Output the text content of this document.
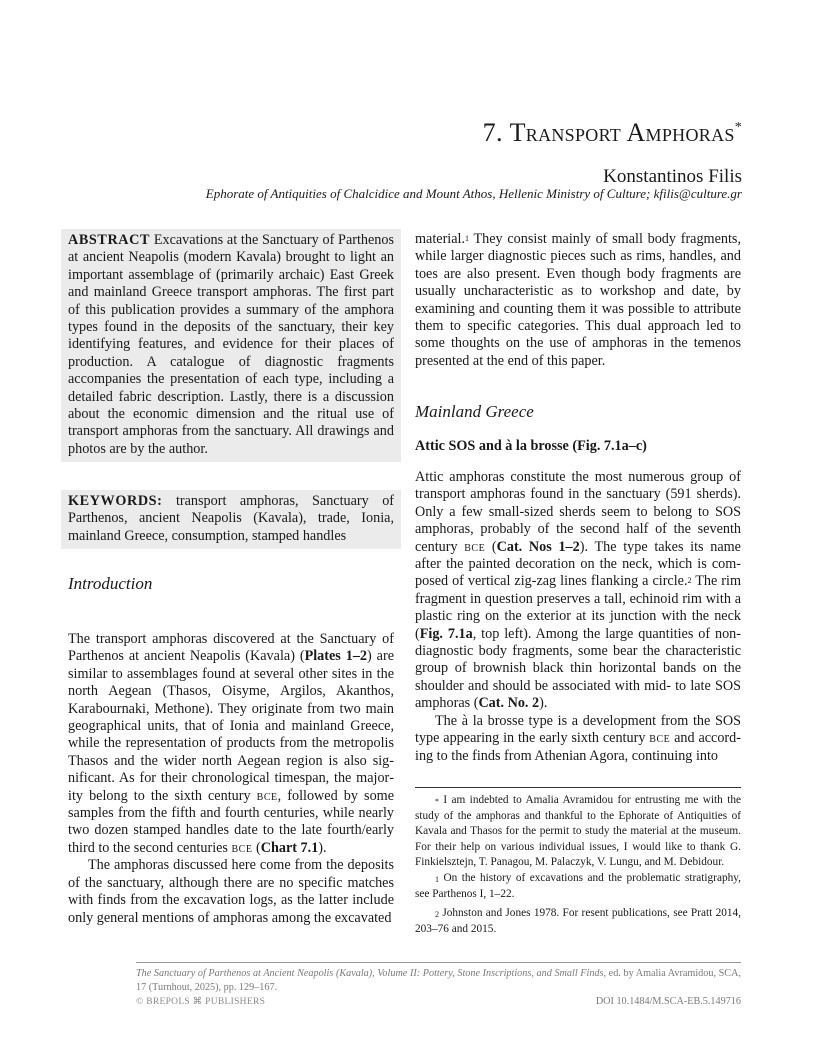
7. Transport Amphoras*
Konstantinos Filis
Ephorate of Antiquities of Chalcidice and Mount Athos, Hellenic Ministry of Culture; kfilis@culture.gr
ABSTRACT Excavations at the Sanctuary of Parthenos at ancient Neapolis (modern Kavala) brought to light an important assemblage of (primarily archaic) East Greek and mainland Greece transport amphoras. The first part of this publication provides a summary of the amphora types found in the deposits of the sanctuary, their key identifying features, and evidence for their places of production. A catalogue of diagnostic fragments accompanies the presentation of each type, including a detailed fabric description. Lastly, there is a discussion about the economic dimension and the ritual use of transport amphoras from the sanctuary. All drawings and photos are by the author.
KEYWORDS: transport amphoras, Sanctuary of Parthenos, ancient Neapolis (Kavala), trade, Ionia, mainland Greece, consumption, stamped handles
Introduction

The transport amphoras discovered at the Sanctuary of Parthenos at ancient Neapolis (Kavala) (Plates 1–2) are similar to assemblages found at several other sites in the north Aegean (Thasos, Oisyme, Argilos, Akanthos, Karabournaki, Methone). They originate from two main geographical units, that of Ionia and mainland Greece, while the representation of products from the metropolis Thasos and the wider north Aegean region is also significant. As for their chronological timespan, the majority belong to the sixth century bce, followed by some samples from the fifth and fourth centuries, while nearly two dozen stamped handles date to the late fourth/early third to the second centuries bce (Chart 7.1).

The amphoras discussed here come from the deposits of the sanctuary, although there are no specific matches with finds from the excavation logs, as the latter include only general mentions of amphoras among the excavated

material.$^1$ They consist mainly of small body fragments, while larger diagnostic pieces such as rims, handles, and toes are also present. Even though body fragments are usually uncharacteristic as to workshop and date, by examining and counting them it was possible to attribute them to specific categories. This dual approach led to some thoughts on the use of amphoras in the temenos presented at the end of this paper.

Mainland Greece
Attic SOS and à la brosse (Fig. 7.1a–c)

Attic amphoras constitute the most numerous group of transport amphoras found in the sanctuary (591 sherds). Only a few small-sized sherds seem to belong to SOS amphoras, probably of the second half of the seventh century bce (Cat. Nos 1–2). The type takes its name after the painted decoration on the neck, which is composed of vertical zig-zag lines flanking a circle.$^2$ The rim fragment in question preserves a tall, echinoid rim with a plastic ring on the exterior at its junction with the neck (Fig. 7.1a, top left). Among the large quantities of non-diagnostic body fragments, some bear the characteristic group of brownish black thin horizontal bands on the shoulder and should be associated with mid- to late SOS amphoras (Cat. No. 2).

The à la brosse type is a development from the SOS type appearing in the early sixth century bce and according to the finds from Athenian Agora, continuing into

* I am indebted to Amalia Avramidou for entrusting me with the study of the amphoras and thankful to the Ephorate of Antiquities of Kavala and Thasos for the permit to study the material at the museum. For their help on various individual issues, I would like to thank G. Finkielsztejn, T. Panagou, M. Palaczyk, V. Lungu, and M. Debidour.

$^1$ On the history of excavations and the problematic stratigraphy, see Parthenos I, 1–22.

$^2$ Johnston and Jones 1978. For resent publications, see Pratt 2014, 203–76 and 2015.

The Sanctuary of Parthenos at Ancient Neapolis (Kavala), Volume II: Pottery, Stone Inscriptions, and Small Finds, ed. by Amalia Avramidou, SCA, 17 (Turnhout, 2025), pp. 129–167.
© BREPOLS ⌘ PUBLISHERS	DOI 10.1484/M.SCA-EB.5.149716
